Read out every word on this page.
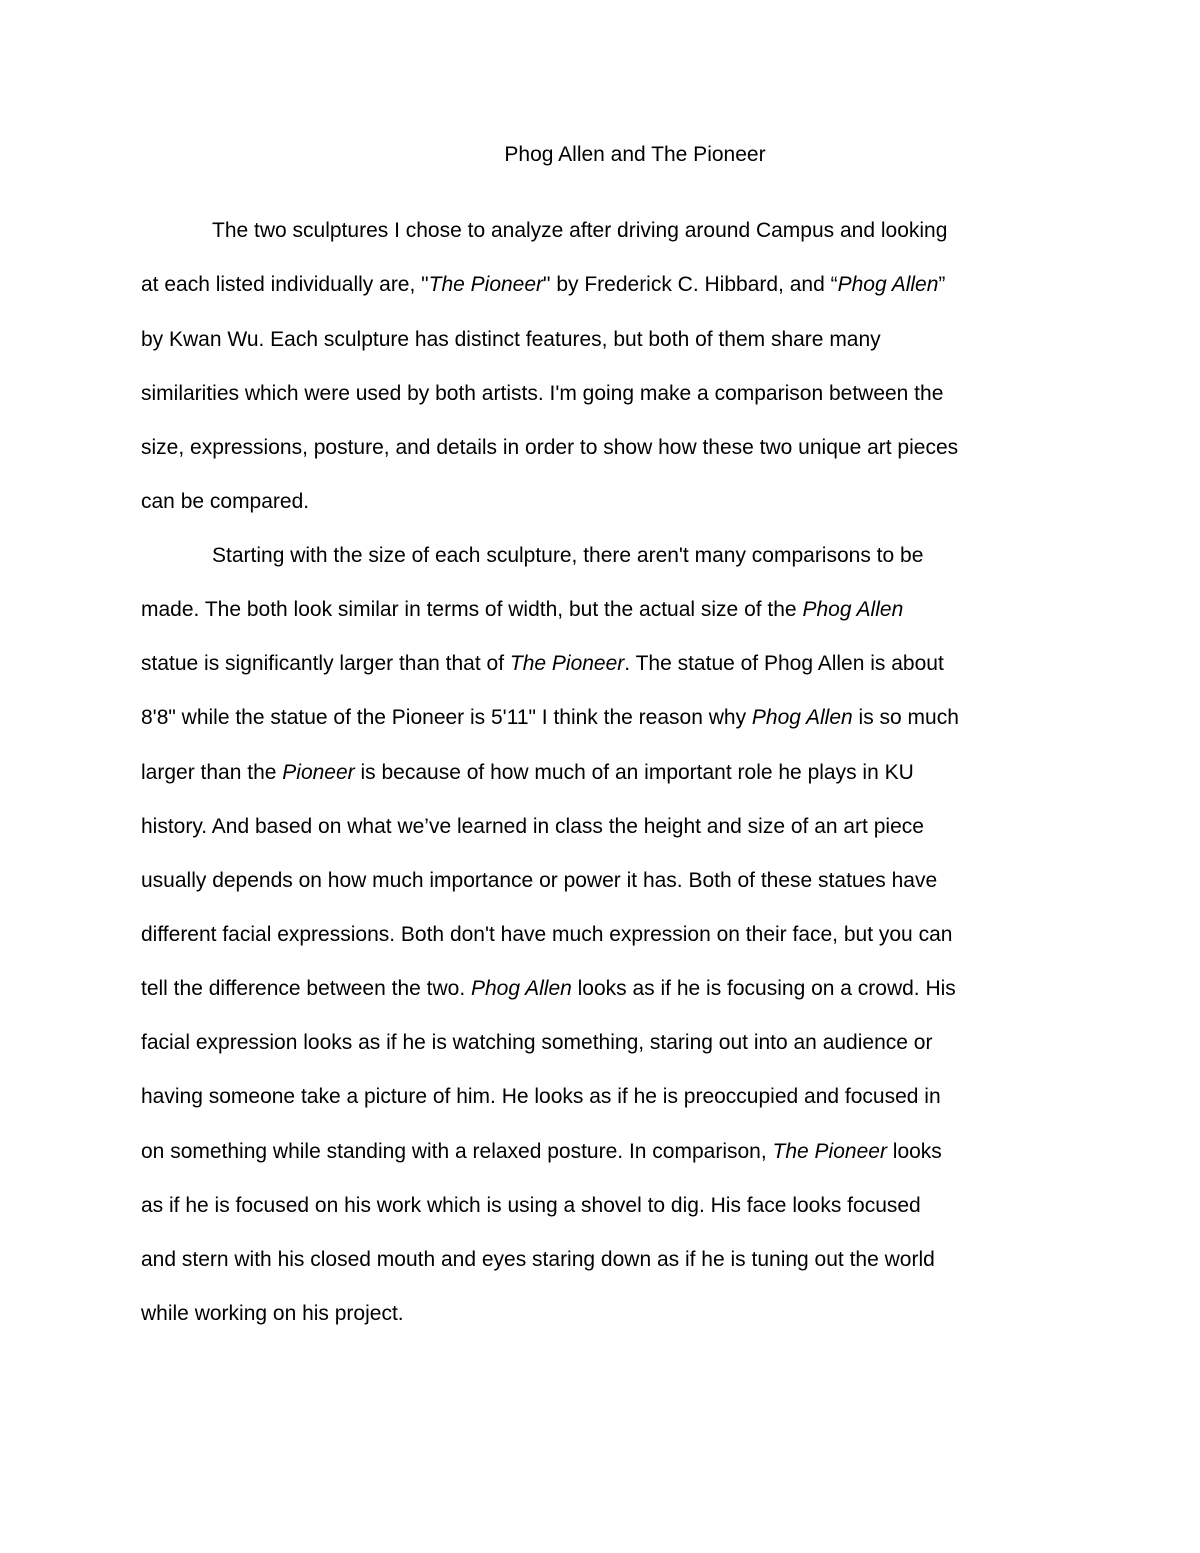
Phog Allen and The Pioneer
The two sculptures I chose to analyze after driving around Campus and looking
at each listed individually are, "The Pioneer" by Frederick C. Hibbard, and “Phog Allen”
by Kwan Wu. Each sculpture has distinct features, but both of them share many
similarities which were used by both artists. I'm going make a comparison between the
size, expressions, posture, and details in order to show how these two unique art pieces
can be compared.
Starting with the size of each sculpture, there aren't many comparisons to be
made. The both look similar in terms of width, but the actual size of the Phog Allen
statue is significantly larger than that of The Pioneer. The statue of Phog Allen is about
8'8" while the statue of the Pioneer is 5'11" I think the reason why Phog Allen is so much
larger than the Pioneer is because of how much of an important role he plays in KU
history. And based on what we’ve learned in class the height and size of an art piece
usually depends on how much importance or power it has. Both of these statues have
different facial expressions. Both don't have much expression on their face, but you can
tell the difference between the two. Phog Allen looks as if he is focusing on a crowd. His
facial expression looks as if he is watching something, staring out into an audience or
having someone take a picture of him. He looks as if he is preoccupied and focused in
on something while standing with a relaxed posture. In comparison, The Pioneer looks
as if he is focused on his work which is using a shovel to dig. His face looks focused
and stern with his closed mouth and eyes staring down as if he is tuning out the world
while working on his project.
